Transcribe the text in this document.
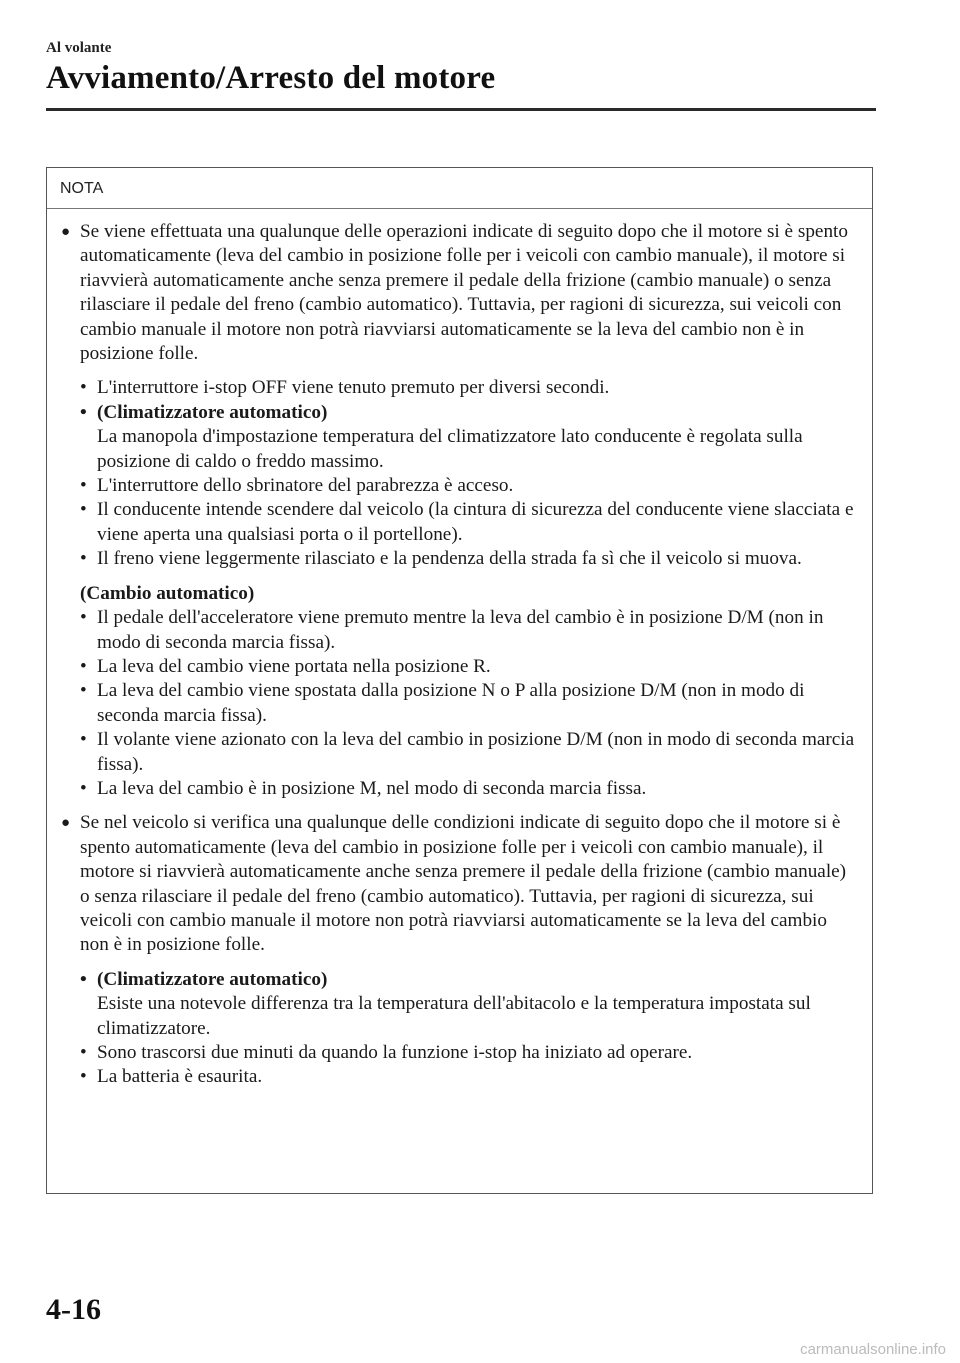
Al volante
Avviamento/Arresto del motore
NOTA
● Se viene effettuata una qualunque delle operazioni indicate di seguito dopo che il motore si è spento automaticamente (leva del cambio in posizione folle per i veicoli con cambio manuale), il motore si riavvierà automaticamente anche senza premere il pedale della frizione (cambio manuale) o senza rilasciare il pedale del freno (cambio automatico). Tuttavia, per ragioni di sicurezza, sui veicoli con cambio manuale il motore non potrà riavviarsi automaticamente se la leva del cambio non è in posizione folle.
• L'interruttore i-stop OFF viene tenuto premuto per diversi secondi.
• (Climatizzatore automatico)
La manopola d'impostazione temperatura del climatizzatore lato conducente è regolata sulla posizione di caldo o freddo massimo.
• L'interruttore dello sbrinatore del parabrezza è acceso.
• Il conducente intende scendere dal veicolo (la cintura di sicurezza del conducente viene slacciata e viene aperta una qualsiasi porta o il portellone).
• Il freno viene leggermente rilasciato e la pendenza della strada fa sì che il veicolo si muova.
(Cambio automatico)
• Il pedale dell'acceleratore viene premuto mentre la leva del cambio è in posizione D/M (non in modo di seconda marcia fissa).
• La leva del cambio viene portata nella posizione R.
• La leva del cambio viene spostata dalla posizione N o P alla posizione D/M (non in modo di seconda marcia fissa).
• Il volante viene azionato con la leva del cambio in posizione D/M (non in modo di seconda marcia fissa).
• La leva del cambio è in posizione M, nel modo di seconda marcia fissa.
● Se nel veicolo si verifica una qualunque delle condizioni indicate di seguito dopo che il motore si è spento automaticamente (leva del cambio in posizione folle per i veicoli con cambio manuale), il motore si riavvierà automaticamente anche senza premere il pedale della frizione (cambio manuale) o senza rilasciare il pedale del freno (cambio automatico). Tuttavia, per ragioni di sicurezza, sui veicoli con cambio manuale il motore non potrà riavviarsi automaticamente se la leva del cambio non è in posizione folle.
• (Climatizzatore automatico)
Esiste una notevole differenza tra la temperatura dell'abitacolo e la temperatura impostata sul climatizzatore.
• Sono trascorsi due minuti da quando la funzione i-stop ha iniziato ad operare.
• La batteria è esaurita.
4-16
carmanualsonline.info
